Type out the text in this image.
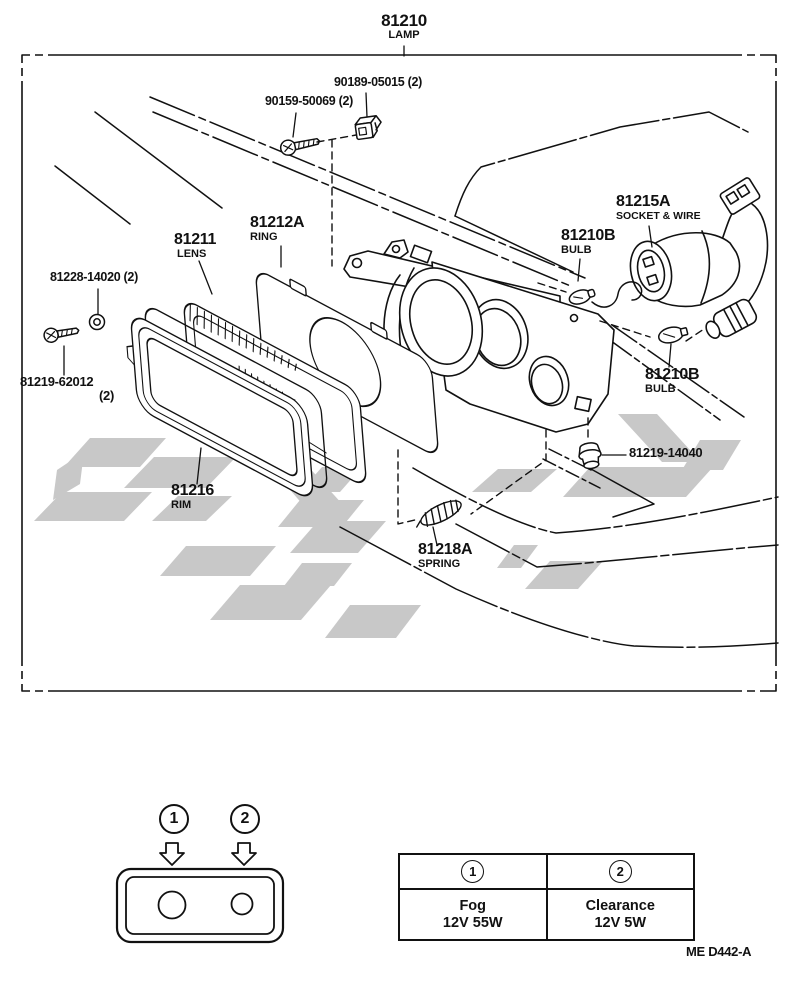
81210
LAMP
90189-05015 (2)
90159-50069 (2)
81212A
RING
81211
LENS
81228-14020 (2)
81219-62012
(2)
81216
RIM
81218A
SPRING
81215A
SOCKET & WIRE
81210B
BULB
81210B
BULB
81219-14040
ME D442-A
1	2
1	2
Fog
12V 55W
Clearance
12V 5W
